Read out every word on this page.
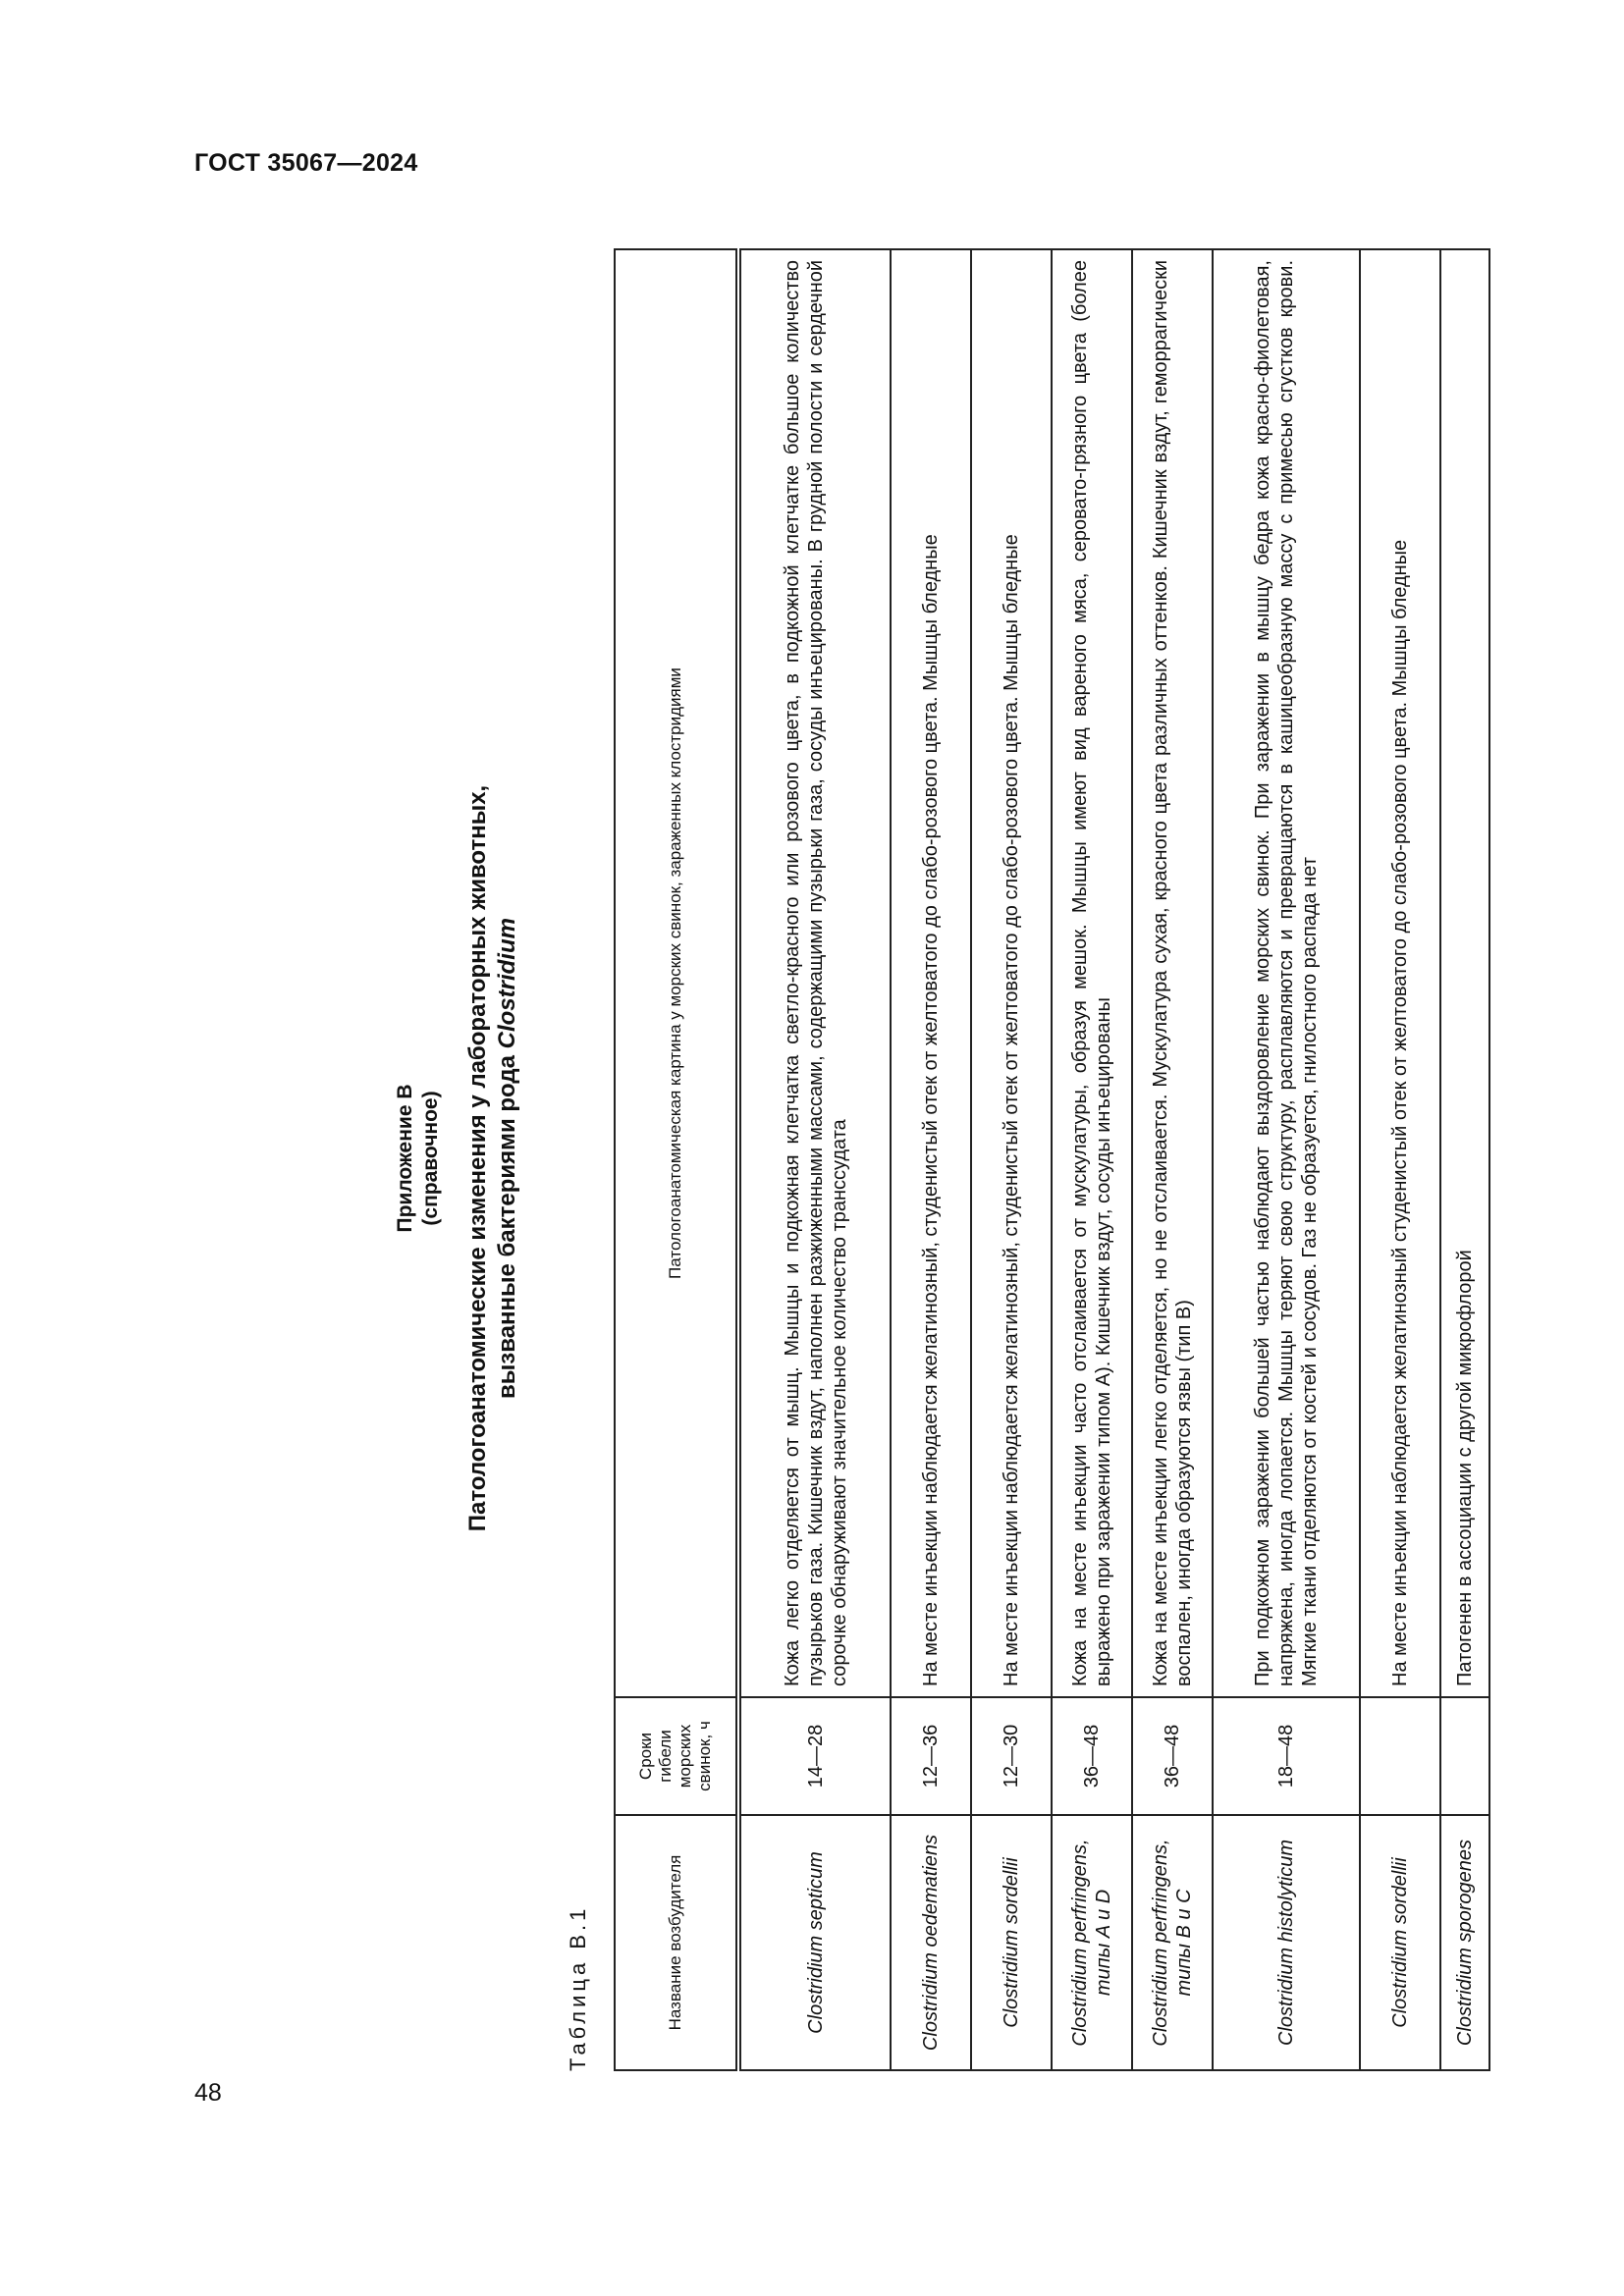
ГОСТ 35067—2024
Приложение В (справочное) Патологоанатомические изменения у лабораторных животных, вызванные бактериями рода Clostridium
Таблица В.1	Название возбудителя	Сроки гибели морских свинок, ч	Патологоанатомическая картина у морских свинок, зараженных клостридиями
Clostridium septicum	14—28	Кожа легко отделяется от мышц. Мышцы и подкожная клетчатка светло-красного или розового цвета, в подкожной клетчатке большое количество пузырьков газа. Кишечник вздут, наполнен разжиженными массами, содержащими пузырьки газа, сосуды инъецированы. В грудной полости и сердечной сорочке обнаруживают значительное количество транссудата
Clostridium oedematiens	12—36	На месте инъекции наблюдается желатинозный, студенистый отек от желтоватого до слабо-розового цвета. Мышцы бледные
Clostridium sordellii	12—30	На месте инъекции наблюдается желатинозный, студенистый отек от желтоватого до слабо-розового цвета. Мышцы бледные
Clostridium perfringens, типы A и D	36—48	Кожа на месте инъекции часто отслаивается от мускулатуры, образуя мешок. Мышцы имеют вид вареного мяса, серовато-грязного цвета (более выражено при заражении типом А). Кишечник вздут, сосуды инъецированы
Clostridium perfringens, типы B и C	36—48	Кожа на месте инъекции легко отделяется, но не отслаивается. Мускулатура сухая, красного цвета различных оттенков. Кишечник вздут, геморрагически воспален, иногда образуются язвы (тип В)
Clostridium histolyticum	18—48	При подкожном заражении большей частью наблюдают выздоровление морских свинок. При заражении в мышцу бедра кожа красно-фиолетовая, напряжена, иногда лопается. Мышцы теряют свою структуру, расплавляются и превращаются в кашицеобразную массу с примесью сгустков крови. Мягкие ткани отделяются от костей и сосудов. Газ не образуется, гнилостного распада нет
Clostridium sordellii		На месте инъекции наблюдается желатинозный студенистый отек от желтоватого до слабо-розового цвета. Мышцы бледные
Clostridium sporogenes		Патогенен в ассоциации с другой микрофлорой
48
